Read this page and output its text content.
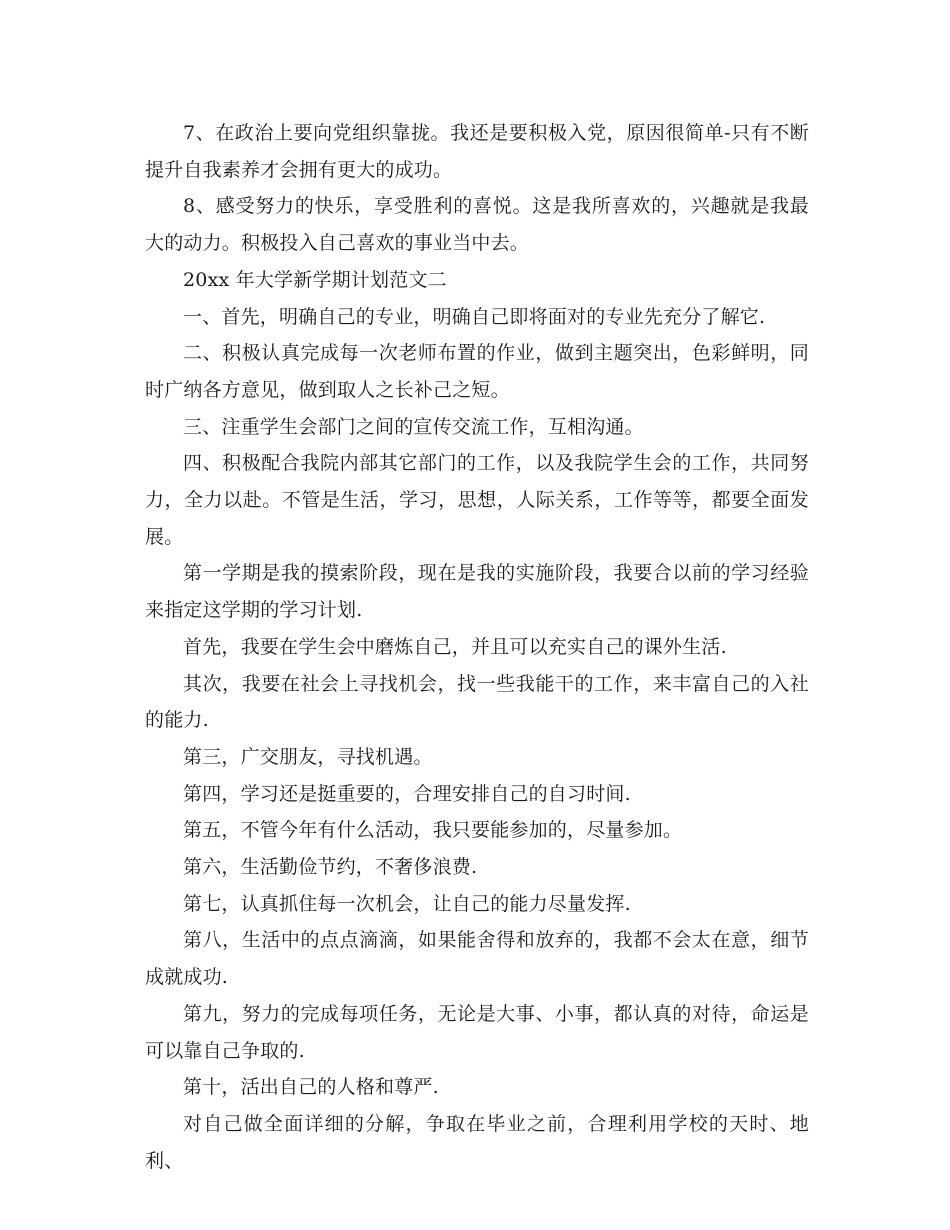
7、在政治上要向党组织靠拢。我还是要积极入党，原因很简单-只有不断提升自我素养才会拥有更大的成功。

8、感受努力的快乐，享受胜利的喜悦。这是我所喜欢的，兴趣就是我最大的动力。积极投入自己喜欢的事业当中去。

20xx 年大学新学期计划范文二

一、首先，明确自己的专业，明确自己即将面对的专业先充分了解它.

二、积极认真完成每一次老师布置的作业，做到主题突出，色彩鲜明，同时广纳各方意见，做到取人之长补己之短。

三、注重学生会部门之间的宣传交流工作，互相沟通。

四、积极配合我院内部其它部门的工作，以及我院学生会的工作，共同努力，全力以赴。不管是生活，学习，思想，人际关系，工作等等，都要全面发展。

第一学期是我的摸索阶段，现在是我的实施阶段，我要合以前的学习经验来指定这学期的学习计划.

首先，我要在学生会中磨炼自己，并且可以充实自己的课外生活.

其次，我要在社会上寻找机会，找一些我能干的工作，来丰富自己的入社的能力.

第三，广交朋友，寻找机遇。

第四，学习还是挺重要的，合理安排自己的自习时间.

第五，不管今年有什么活动，我只要能参加的，尽量参加。

第六，生活勤俭节约，不奢侈浪费.

第七，认真抓住每一次机会，让自己的能力尽量发挥.

第八，生活中的点点滴滴，如果能舍得和放弃的，我都不会太在意，细节成就成功.

第九，努力的完成每项任务，无论是大事、小事，都认真的对待，命运是可以靠自己争取的.

第十，活出自己的人格和尊严.

对自己做全面详细的分解，争取在毕业之前，合理利用学校的天时、地利、
